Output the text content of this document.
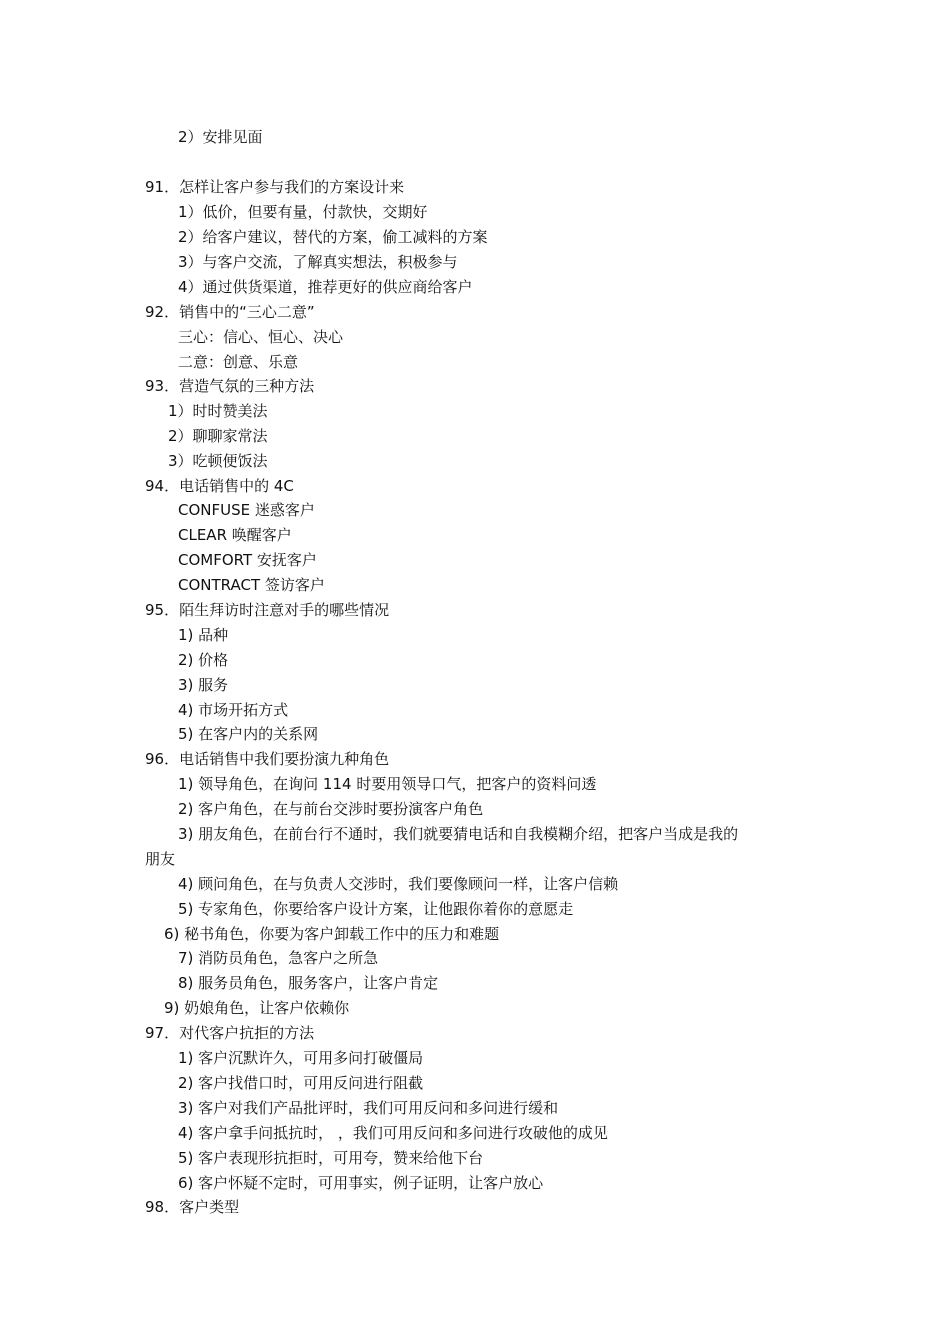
2）安排见面
91．怎样让客户参与我们的方案设计来
1）低价，但要有量，付款快，交期好
2）给客户建议，替代的方案，偷工减料的方案
3）与客户交流，了解真实想法，积极参与
4）通过供货渠道，推荐更好的供应商给客户
92．销售中的“三心二意”
三心：信心、恒心、决心
二意：创意、乐意
93．营造气氛的三种方法
1）时时赞美法
2）聊聊家常法
3）吃顿便饭法
94．电话销售中的 4C
CONFUSE 迷惑客户
CLEAR 唤醒客户
COMFORT 安抚客户
CONTRACT 签访客户
95．陌生拜访时注意对手的哪些情况
1) 品种
2) 价格
3) 服务
4) 市场开拓方式
5) 在客户内的关系网
96．电话销售中我们要扮演九种角色
1) 领导角色，在询问 114 时要用领导口气，把客户的资料问透
2) 客户角色，在与前台交涉时要扮演客户角色
3) 朋友角色，在前台行不通时，我们就要猜电话和自我模糊介绍，把客户当成是我的
朋友
4) 顾问角色，在与负责人交涉时，我们要像顾问一样，让客户信赖
5) 专家角色，你要给客户设计方案，让他跟你着你的意愿走
6) 秘书角色，你要为客户卸载工作中的压力和难题
7) 消防员角色，急客户之所急
8) 服务员角色，服务客户，让客户肯定
9) 奶娘角色，让客户依赖你
97．对代客户抗拒的方法
1) 客户沉默许久，可用多问打破僵局
2) 客户找借口时，可用反问进行阻截
3) 客户对我们产品批评时，我们可用反问和多问进行缓和
4) 客户拿手问抵抗时， ，我们可用反问和多问进行攻破他的成见
5) 客户表现形抗拒时，可用夸，赞来给他下台
6) 客户怀疑不定时，可用事实，例子证明，让客户放心
98．客户类型
